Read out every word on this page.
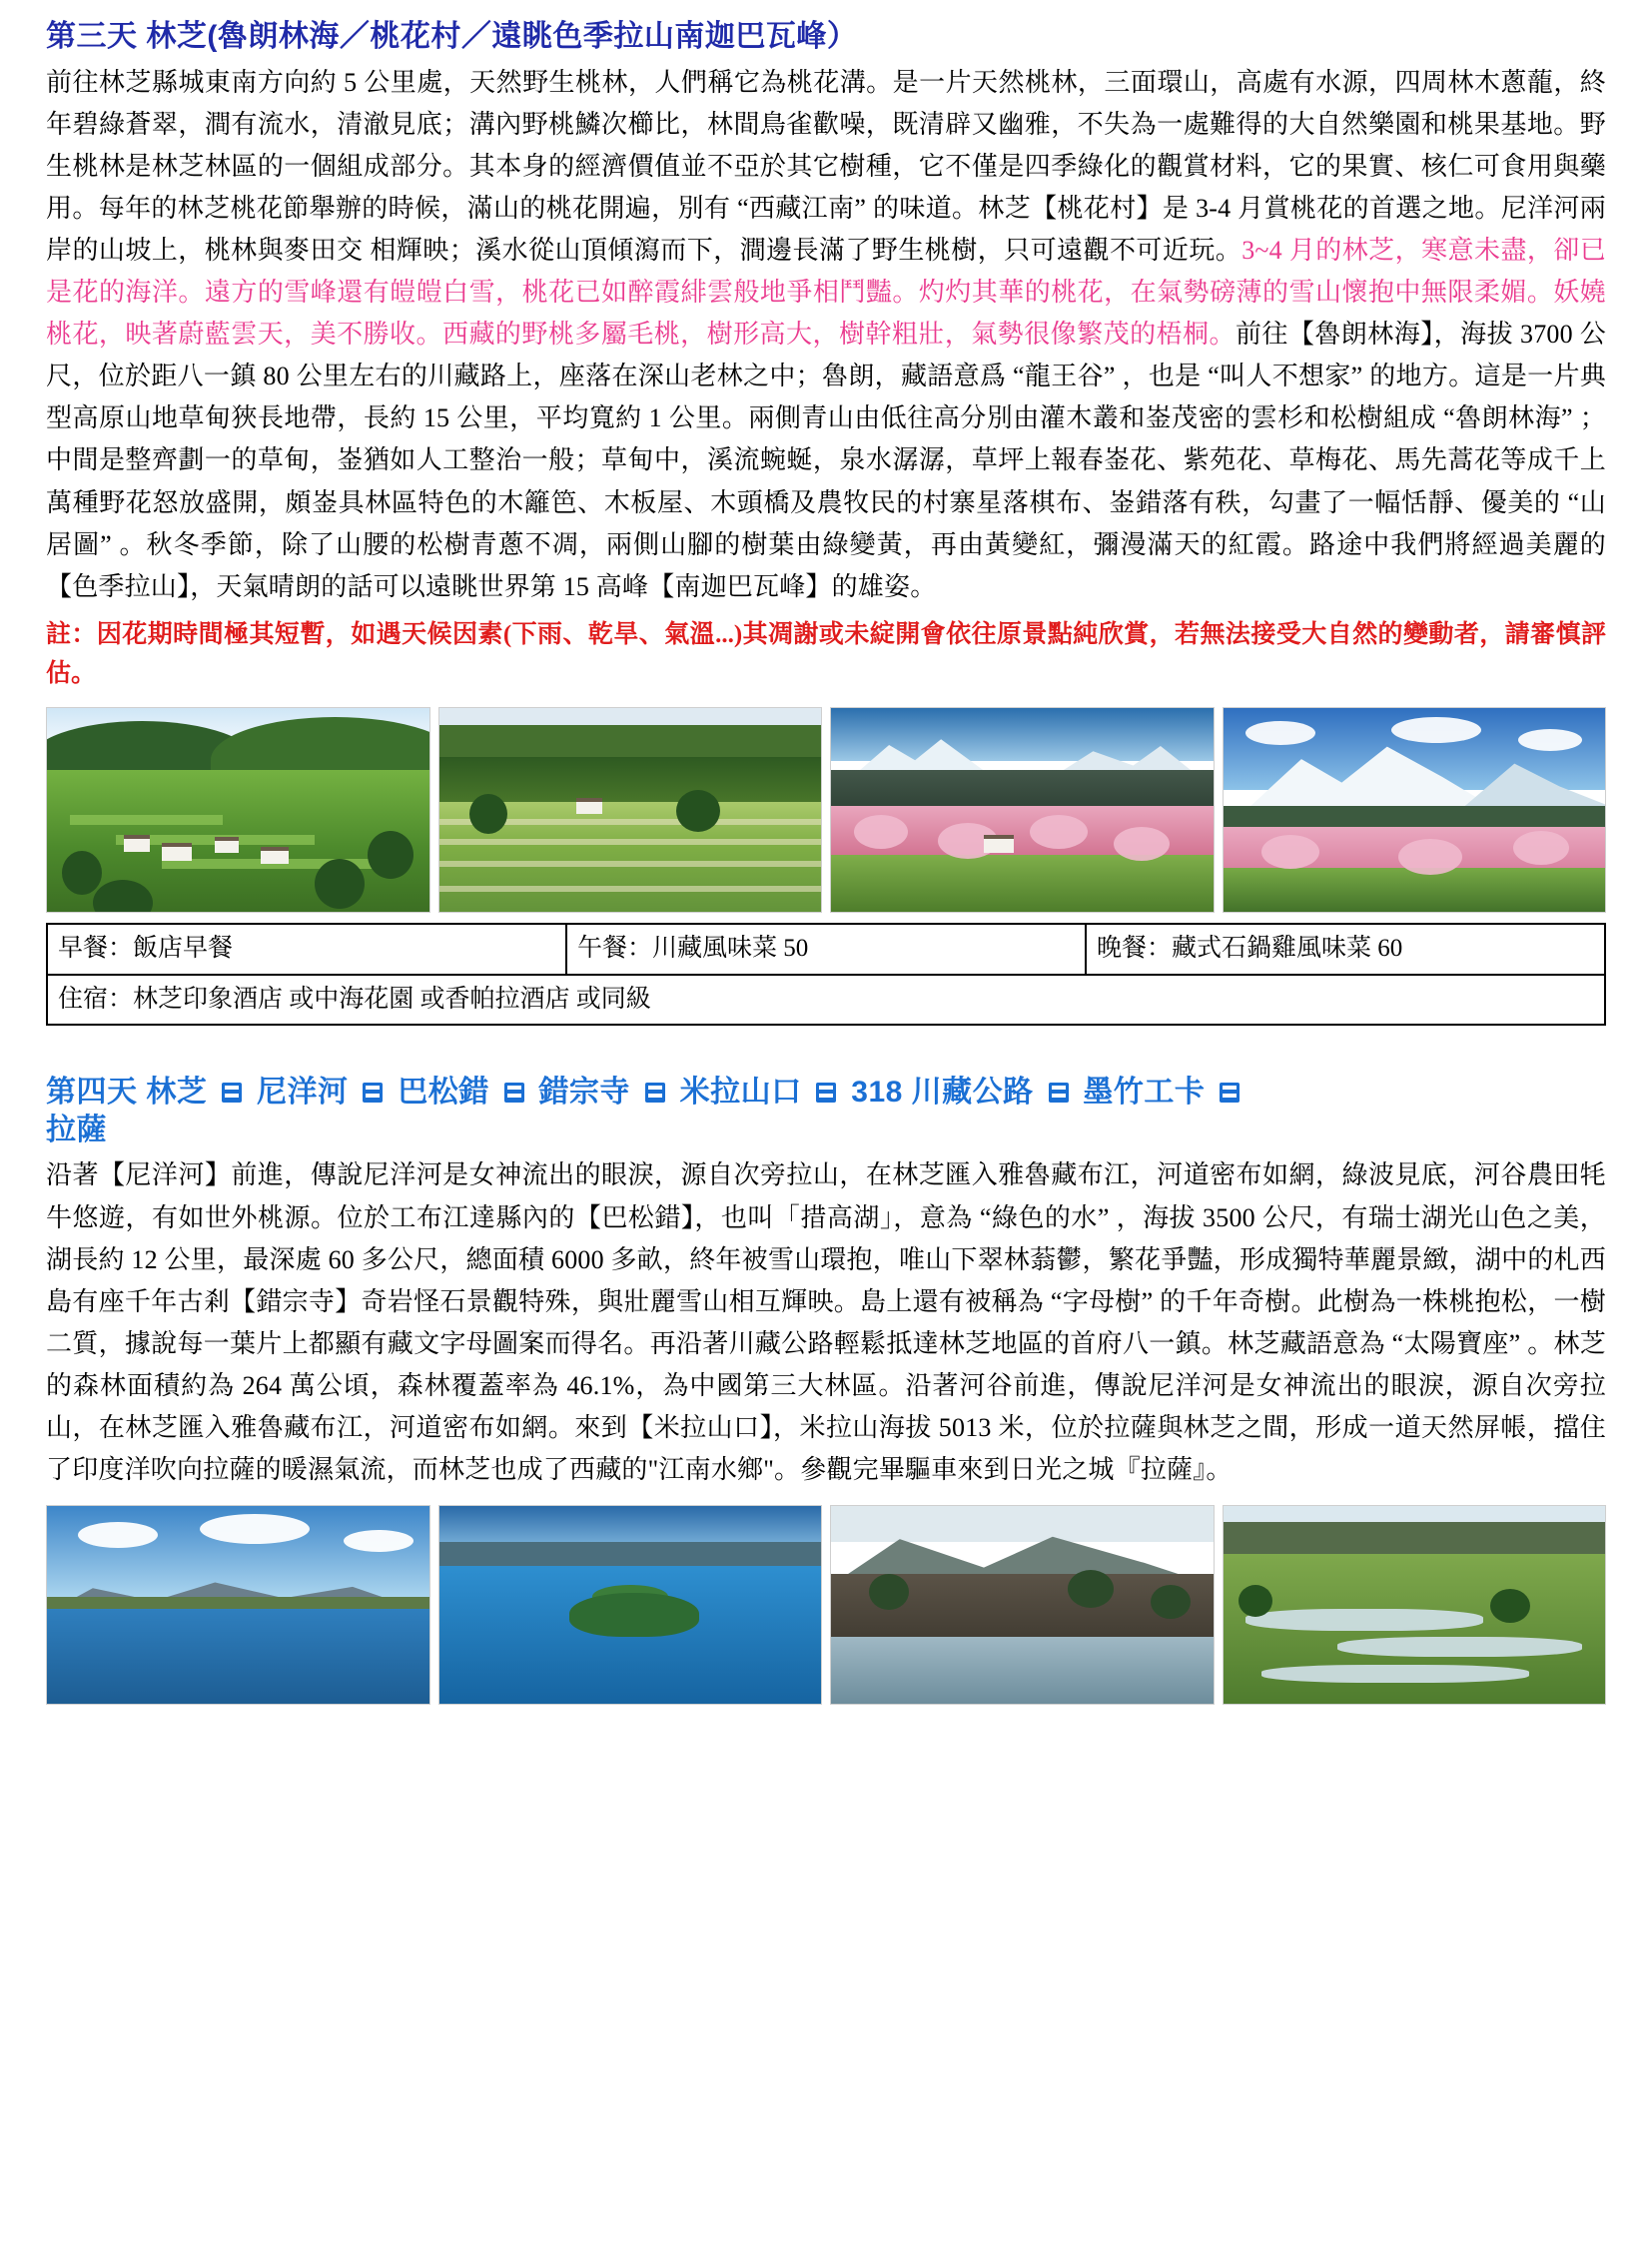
第三天 林芝(魯朗林海／桃花村／遠眺色季拉山南迦巴瓦峰）

前往林芝縣城東南方向約 5 公里處，天然野生桃林，人們稱它為桃花溝。是一片天然桃林，三面環山，高處有水源，四周林木蔥蘢，終年碧綠蒼翠，澗有流水，清澈見底；溝內野桃鱗次櫛比，林間鳥雀歡噪，既清辟又幽雅，不失為一處難得的大自然樂園和桃果基地。野生桃林是林芝林區的一個組成部分。其本身的經濟價值並不亞於其它樹種，它不僅是四季綠化的觀賞材料，它的果實、核仁可食用與藥用。每年的林芝桃花節舉辦的時候，滿山的桃花開遍，別有 “西藏江南” 的味道。林芝【桃花村】是 3-4 月賞桃花的首選之地。尼洋河兩岸的山坡上，桃林與麥田交 相輝映；溪水從山頂傾瀉而下，澗邊長滿了野生桃樹，只可遠觀不可近玩。3~4 月的林芝，寒意未盡，卻已是花的海洋。遠方的雪峰還有皚皚白雪，桃花已如醉霞緋雲般地爭相鬥豔。灼灼其華的桃花，在氣勢磅薄的雪山懷抱中無限柔媚。妖嬈桃花，映著蔚藍雲天，美不勝收。西藏的野桃多屬毛桃，樹形高大，樹幹粗壯，氣勢很像繁茂的梧桐。前往【魯朗林海】，海拔 3700 公尺，位於距八一鎮 80 公里左右的川藏路上，座落在深山老林之中；魯朗，藏語意爲 “龍王谷” ，也是 “叫人不想家” 的地方。這是一片典型高原山地草甸狹長地帶，長約 15 公里，平均寬約 1 公里。兩側青山由低往高分別由灌木叢和崟茂密的雲杉和松樹組成 “魯朗林海” ；中間是整齊劃一的草甸，崟猶如人工整治一般；草甸中，溪流蜿蜒，泉水潺潺，草坪上報春崟花、紫苑花、草梅花、馬先蒿花等成千上萬種野花怒放盛開，頗崟具林區特色的木籬笆、木板屋、木頭橋及農牧民的村寨星落棋布、崟錯落有秩，勾畫了一幅恬靜、優美的 “山居圖” 。秋冬季節，除了山腰的松樹青蔥不凋，兩側山腳的樹葉由綠變黃，再由黃變紅，彌漫滿天的紅霞。路途中我們將經過美麗的【色季拉山】，天氣晴朗的話可以遠眺世界第 15 高峰【南迦巴瓦峰】的雄姿。

註：因花期時間極其短暫，如遇天候因素(下雨、乾旱、氣溫...)其凋謝或未綻開會依往原景點純欣賞，若無法接受大自然的變動者，請審慎評估。

早餐：飯店早餐	午餐：川藏風味菜 50	晚餐：藏式石鍋雞風味菜 60
住宿：林芝印象酒店 或中海花園 或香帕拉酒店 或同級
第四天 林芝 尼洋河 巴松錯 錯宗寺 米拉山口 318 川藏公路 墨竹工卡
拉薩

沿著【尼洋河】前進，傳說尼洋河是女神流出的眼淚，源自次旁拉山，在林芝匯入雅魯藏布江，河道密布如網，綠波見底，河谷農田牦牛悠遊，有如世外桃源。位於工布江達縣內的【巴松錯】，也叫「措高湖」，意為 “綠色的水” ，海拔 3500 公尺，有瑞士湖光山色之美，湖長約 12 公里，最深處 60 多公尺，總面積 6000 多畝，終年被雪山環抱，唯山下翠林蓊鬱，繁花爭豔，形成獨特華麗景緻，湖中的札西島有座千年古剎【錯宗寺】奇岩怪石景觀特殊，與壯麗雪山相互輝映。島上還有被稱為 “字母樹” 的千年奇樹。此樹為一株桃抱松，一樹二質，據說每一葉片上都顯有藏文字母圖案而得名。再沿著川藏公路輕鬆抵達林芝地區的首府八一鎮。林芝藏語意為 “太陽寶座” 。林芝的森林面積約為 264 萬公頃，森林覆蓋率為 46.1%，為中國第三大林區。沿著河谷前進，傳說尼洋河是女神流出的眼淚，源自次旁拉山，在林芝匯入雅魯藏布江，河道密布如網。來到【米拉山口】，米拉山海拔 5013 米，位於拉薩與林芝之間，形成一道天然屏帳，擋住了印度洋吹向拉薩的暖濕氣流，而林芝也成了西藏的"江南水鄉"。參觀完畢驅車來到日光之城『拉薩』。
